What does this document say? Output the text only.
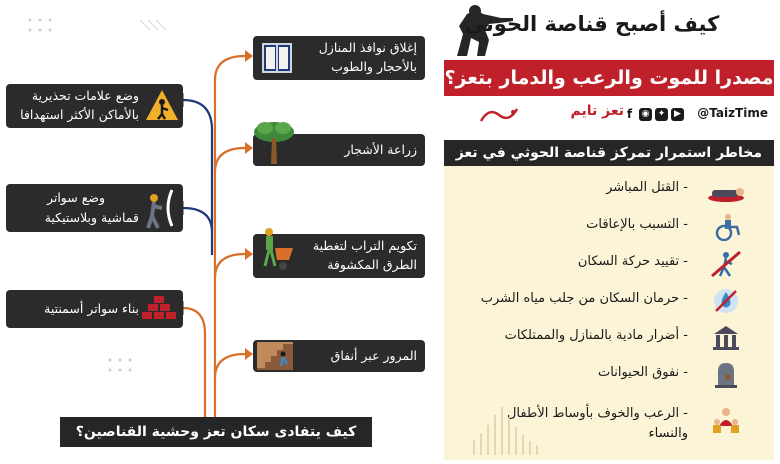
كيف أصبح قناصة الحوثي
مصدرا للموت والرعب والدمار بتعز؟
@TaizTime
▶
✦
◉
f
تعز تايم
مخاطر استمرار تمركز قناصة الحوثي في تعز
- القتل المباشر
- التسبب بالإعاقات
- تقييد حركة السكان
- حرمان السكان من جلب مياه الشرب
- أضرار مادية بالمنازل والممتلكات
- نفوق الحيوانات
- الرعب والخوف بأوساط الأطفال
والنساء
إغلاق نوافذ المنازل
بالأحجار والطوب
زراعة الأشجار
تكويم التراب لتغطية
الطرق المكشوفة
المرور عبر أنفاق
وضع علامات تحذيرية
بالأماكن الأكثر استهدافا
وضع سواتر
قماشية وبلاستيكية
بناء سواتر أسمنتية
كيف يتفادى سكان تعز وحشية القناصين؟
